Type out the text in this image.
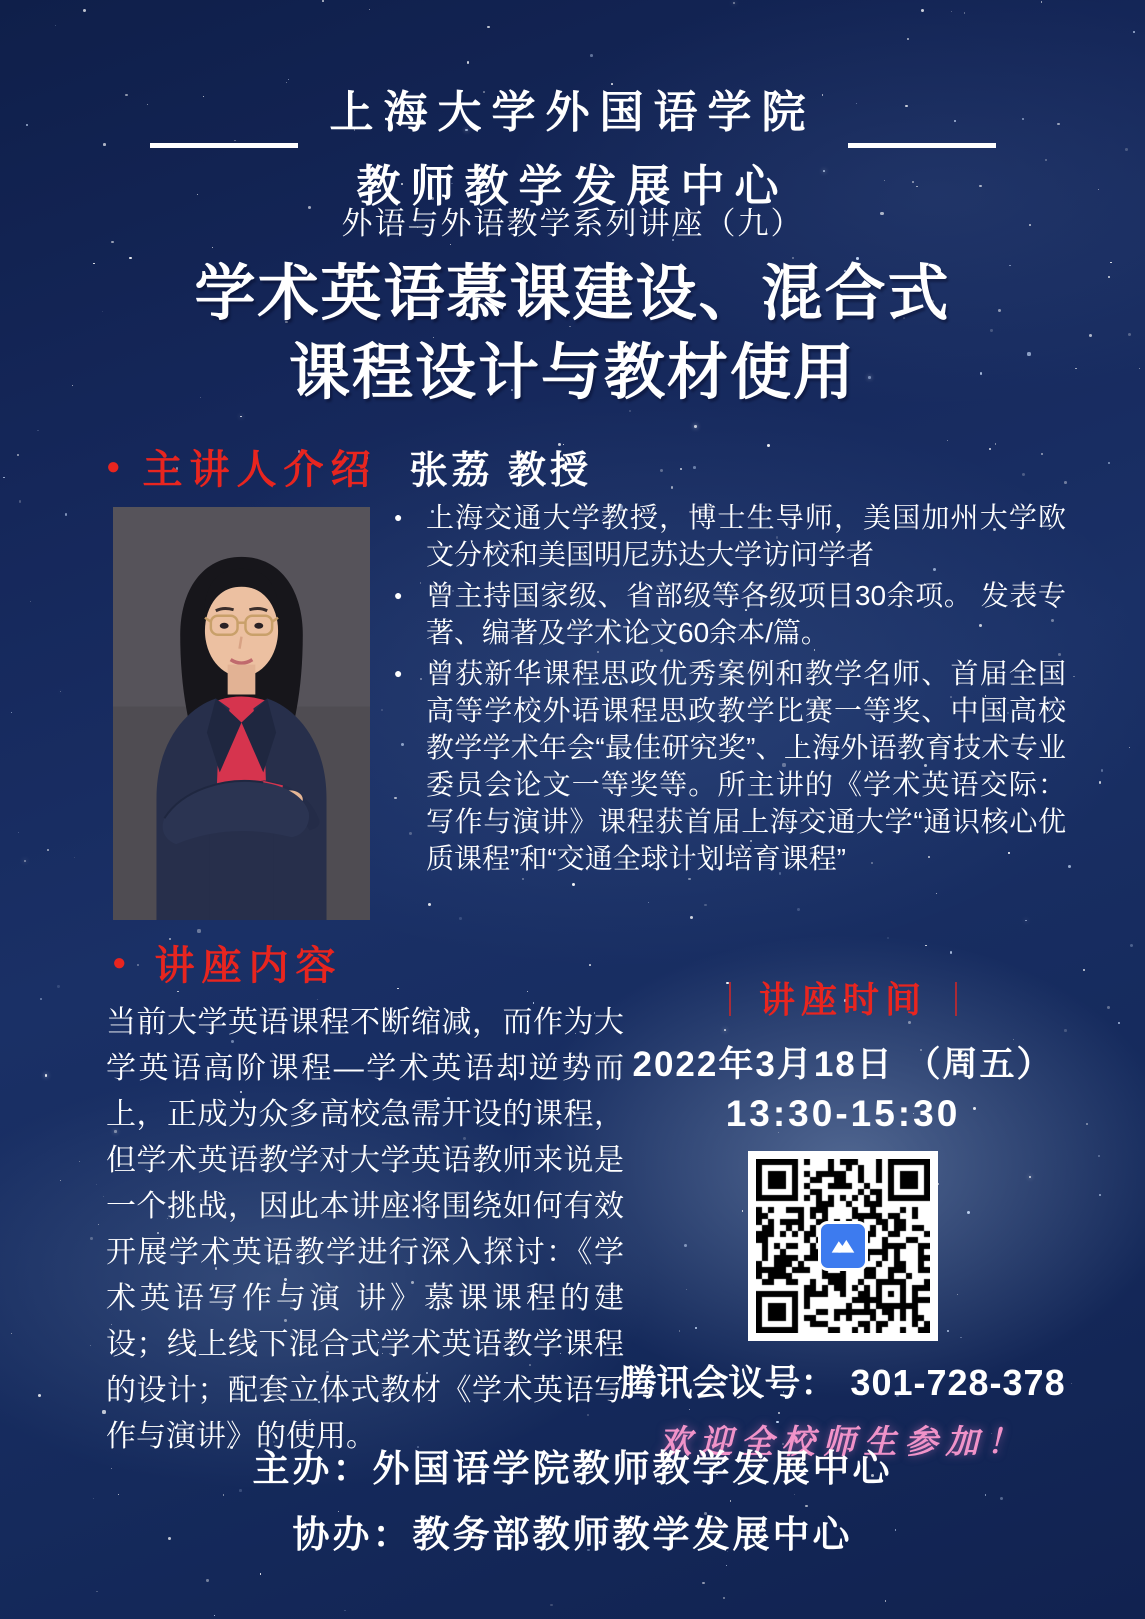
上海大学外国语学院
教师教学发展中心
外语与外语教学系列讲座（九）
学术英语慕课建设、混合式
课程设计与教材使用
● 主讲人介绍 张荔 教授
● 上海交通大学教授，博士生导师，美国加州大学欧文分校和美国明尼苏达大学访问学者
● 曾主持国家级、省部级等各级项目30余项。 发表专著、编著及学术论文60余本/篇。
● 曾获新华课程思政优秀案例和教学名师、首届全国高等学校外语课程思政教学比赛一等奖、中国高校教学学术年会“最佳研究奖”、上海外语教育技术专业委员会论文一等奖等。所主讲的《学术英语交际：写作与演讲》课程获首届上海交通大学“通识核心优质课程”和“交通全球计划培育课程”
● 讲座内容
当前大学英语课程不断缩减，而作为大学英语高阶课程—学术英语却逆势而上，正成为众多高校急需开设的课程，但学术英语教学对大学英语教师来说是一个挑战，因此本讲座将围绕如何有效开展学术英语教学进行深入探讨：《学术英语写作与演 讲》慕课课程的建设；线上线下混合式学术英语教学课程的设计；配套立体式教材《学术英语写作与演讲》的使用。
｜ 讲座时间 ｜
2022年3月18日 （周五）
13:30-15:30
腾讯会议号： 301-728-378
欢迎全校师生参加！
主办：外国语学院教师教学发展中心
协办：教务部教师教学发展中心
